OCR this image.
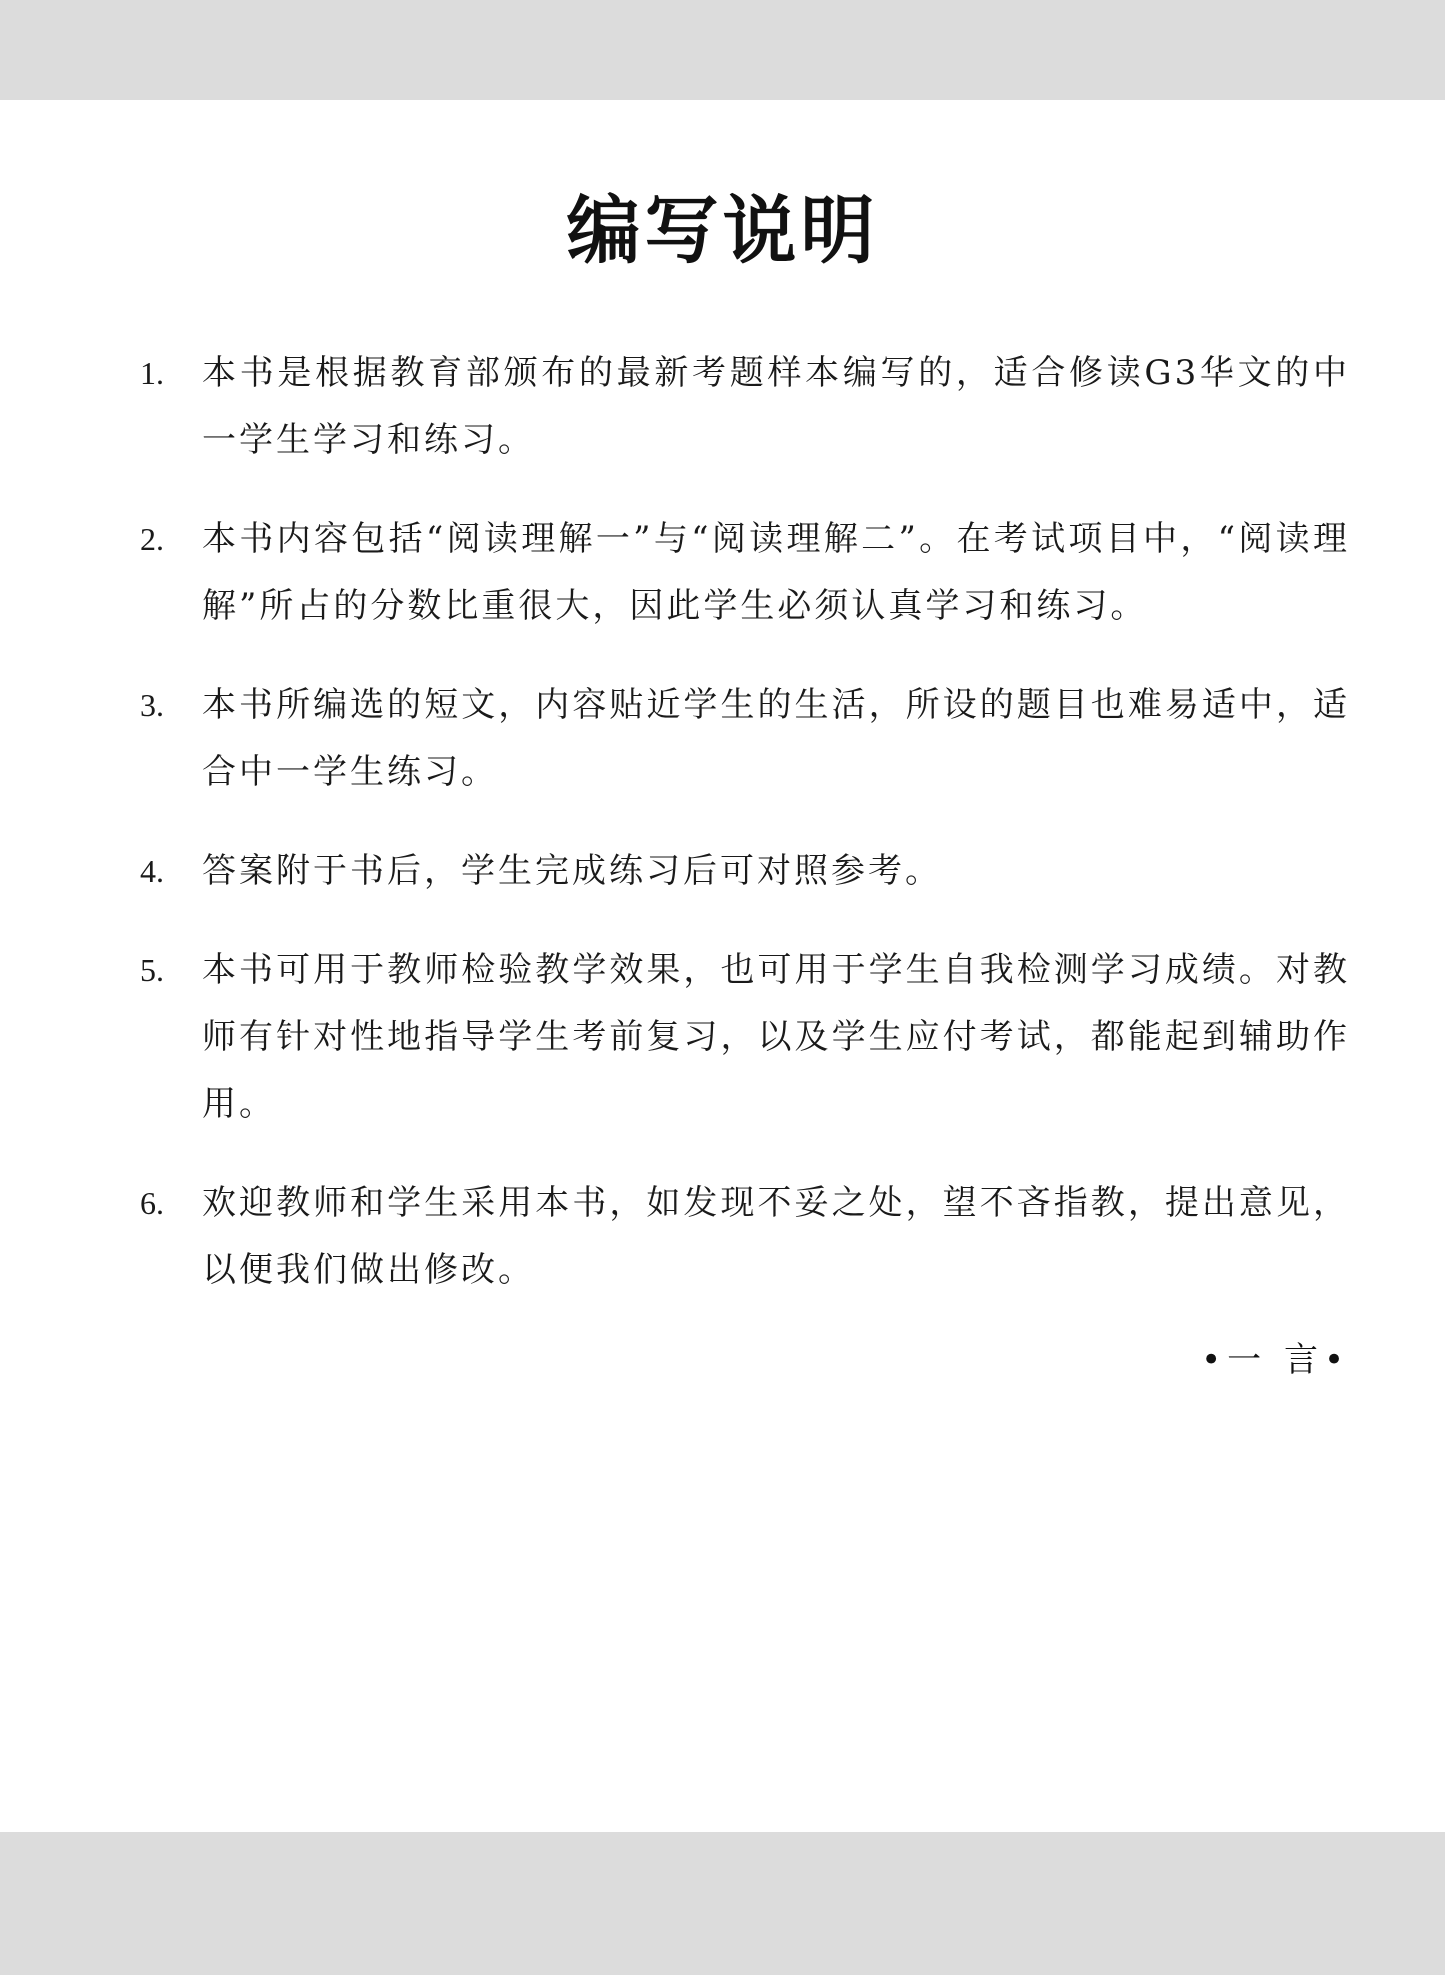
编写说明
1.	本书是根据教育部颁布的最新考题样本编写的，适合修读G3华文的中一学生学习和练习。
2.	本书内容包括“阅读理解一”与“阅读理解二”。在考试项目中，“阅读理解”所占的分数比重很大，因此学生必须认真学习和练习。
3.	本书所编选的短文，内容贴近学生的生活，所设的题目也难易适中，适合中一学生练习。
4.	答案附于书后，学生完成练习后可对照参考。
5.	本书可用于教师检验教学效果，也可用于学生自我检测学习成绩。对教师有针对性地指导学生考前复习，以及学生应付考试，都能起到辅助作用。
6.	欢迎教师和学生采用本书，如发现不妥之处，望不吝指教，提出意见，以便我们做出修改。
•一 言•
